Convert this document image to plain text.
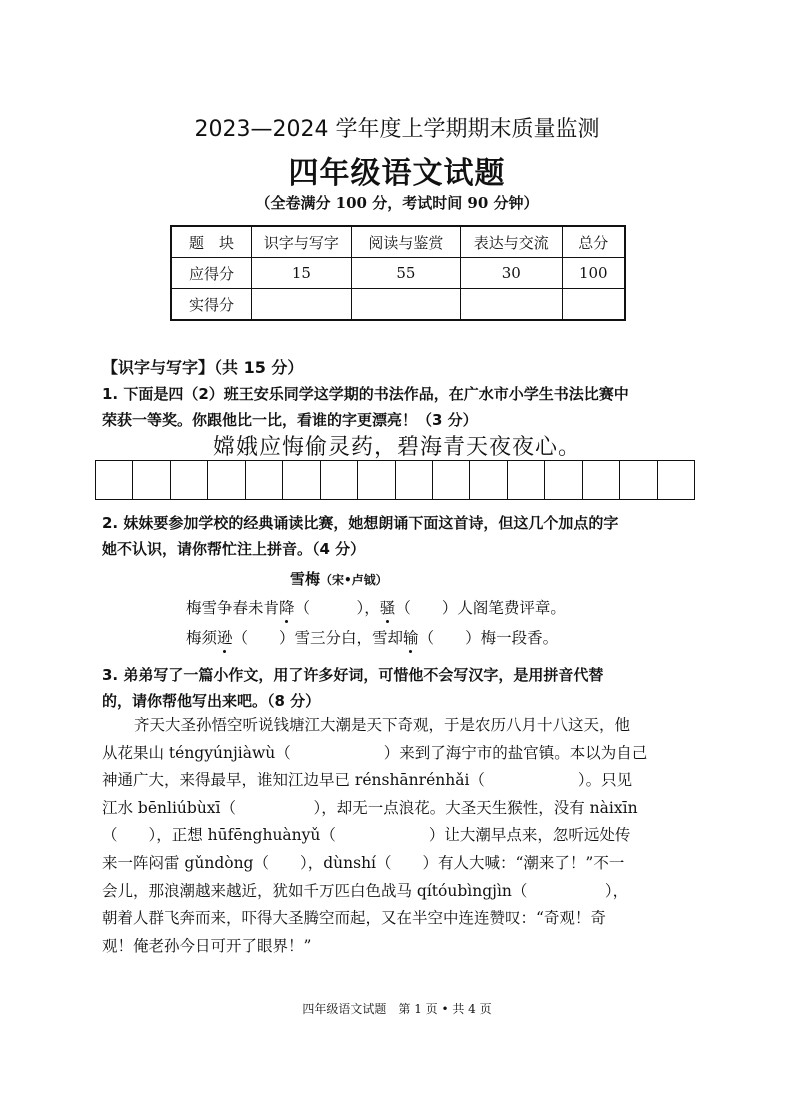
2023—2024 学年度上学期期末质量监测
四年级语文试题
（全卷满分 100 分，考试时间 90 分钟）
题　块	识字与写字	阅读与鉴赏	表达与交流	总分
应得分	15	55	30	100
实得分				
【识字与写字】（共 15 分）
1. 下面是四（2）班王安乐同学这学期的书法作品，在广水市小学生书法比赛中
荣获一等奖。你跟他比一比，看谁的字更漂亮！（3 分）
嫦娥应悔偷灵药，碧海青天夜夜心。
2. 妹妹要参加学校的经典诵读比赛，她想朗诵下面这首诗，但这几个加点的字
她不认识，请你帮忙注上拼音。（4 分）
雪梅（宋•卢钺）
梅雪争春未肯降（　　　），骚（　　）人阁笔费评章。
梅须逊（　　）雪三分白，雪却输（　　）梅一段香。
3. 弟弟写了一篇小作文，用了许多好词，可惜他不会写汉字，是用拼音代替
的，请你帮他写出来吧。（8 分）

齐天大圣孙悟空听说钱塘江大潮是天下奇观，于是农历八月十八这天，他

从花果山 téngyúnjiàwù（　　　　　　）来到了海宁市的盐官镇。本以为自己

神通广大，来得最早，谁知江边早已 rénshānrénhǎi（　　　　　　）。只见

江水 bēnliúbùxī（　　　　　），却无一点浪花。大圣天生猴性，没有 nàixīn

（　　），正想 hūfēnghuànyǔ（　　　　　　）让大潮早点来，忽听远处传

来一阵闷雷 gǔndòng（　　），dùnshí（　　）有人大喊：“潮来了！”不一

会儿，那浪潮越来越近，犹如千万匹白色战马 qítóubìngjìn（　　　　　），

朝着人群飞奔而来，吓得大圣腾空而起，又在半空中连连赞叹：“奇观！奇

观！俺老孙今日可开了眼界！”

四年级语文试题　第 1 页 • 共 4 页
